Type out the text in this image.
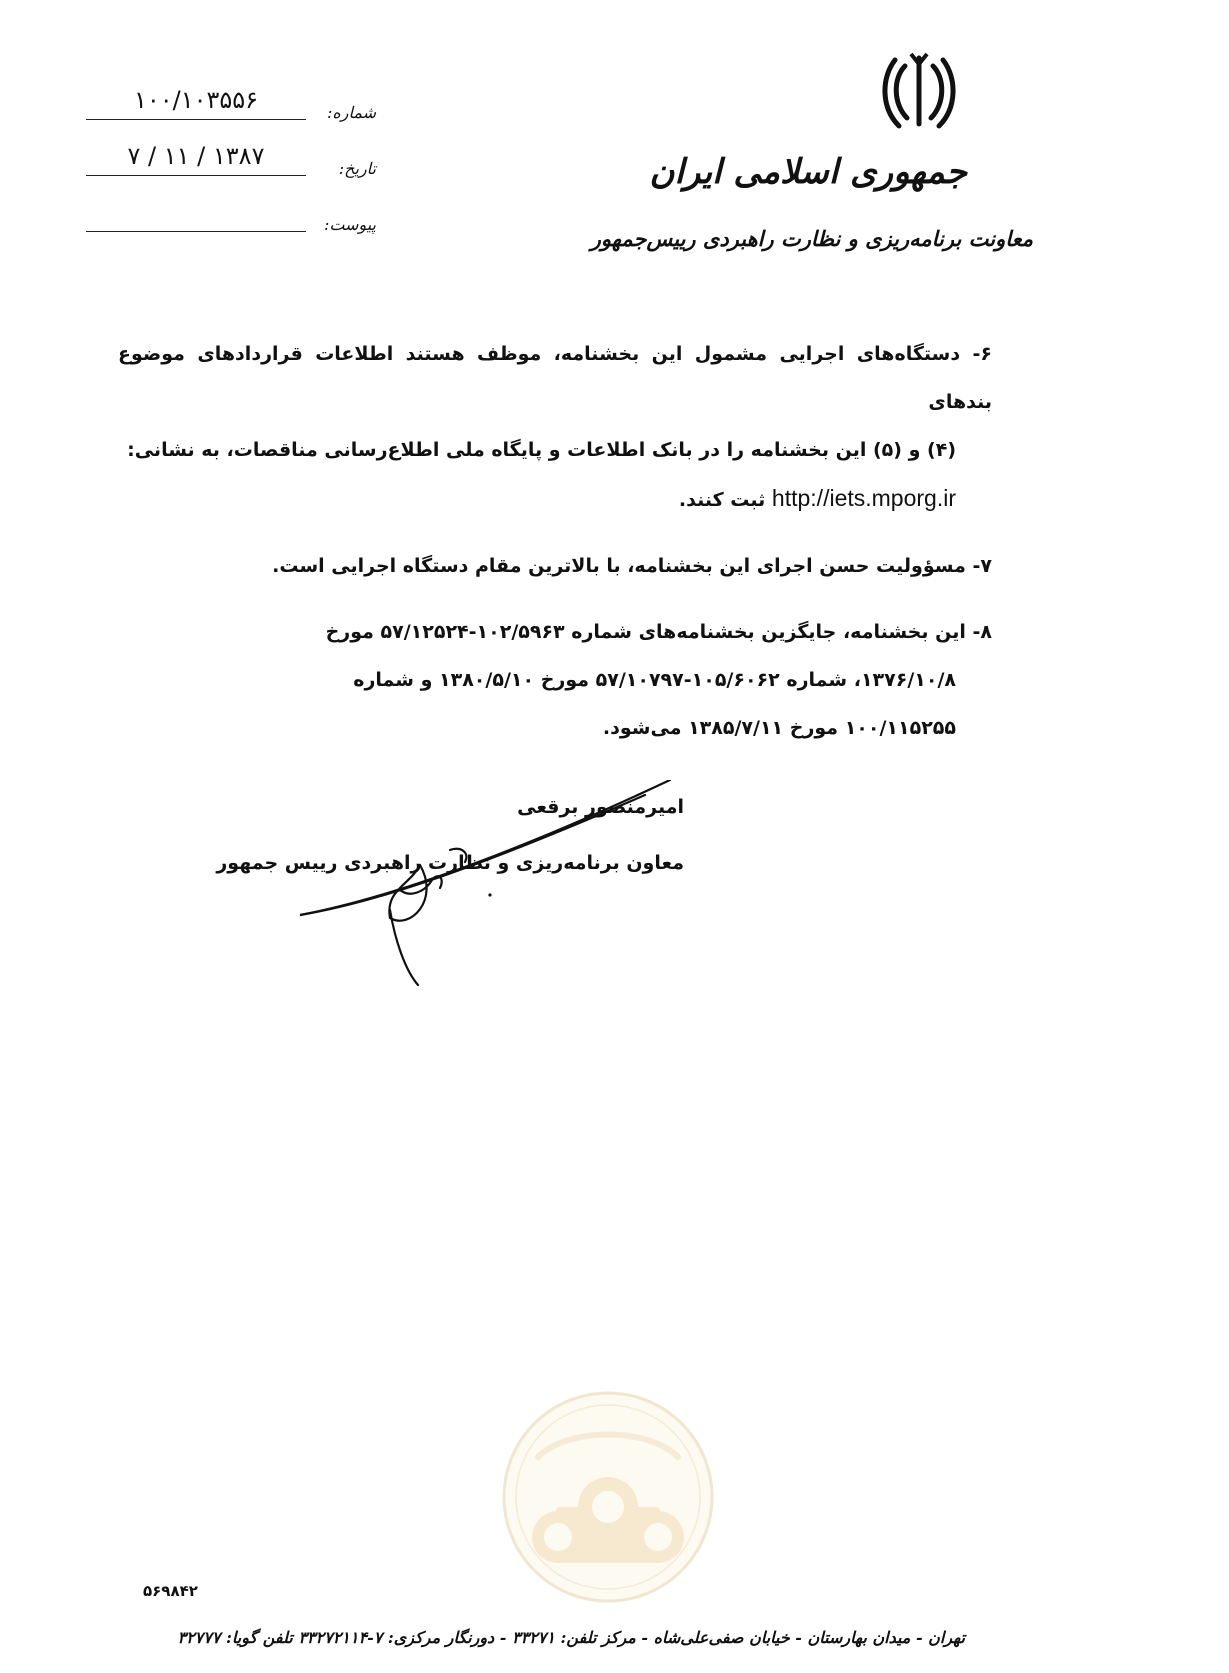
جمهوری اسلامی ایران
معاونت برنامه‌ریزی و نظارت راهبردی رییس‌جمهور
۱۰۰/۱۰۳۵۵۶	شماره:
۱۳۸۷ / ۱۱ / ۷	تاریخ:
پیوست:
۶- دستگاه‌های اجرایی مشمول این بخشنامه، موظف هستند اطلاعات قراردادهای موضوع بندهای
(۴) و (۵) این بخشنامه را در بانک اطلاعات و پایگاه ملی اطلاع‌رسانی مناقصات، به نشانی:
http://iets.mporg.ir ثبت کنند.
۷- مسؤولیت حسن اجرای این بخشنامه، با بالاترین مقام دستگاه اجرایی است.
۸- این بخشنامه، جایگزین بخشنامه‌های شماره ۱۰۲/۵۹۶۳-۵۷/۱۲۵۲۴ مورخ
۱۳۷۶/۱۰/۸، شماره ۱۰۵/۶۰۶۲-۵۷/۱۰۷۹۷ مورخ ۱۳۸۰/۵/۱۰ و شماره
۱۰۰/۱۱۵۲۵۵ مورخ ۱۳۸۵/۷/۱۱ می‌شود.
امیرمنصور برقعی
معاون برنامه‌ریزی و نظارت راهبردی رییس جمهور
۵۶۹۸۴۲
تهران - میدان بهارستان - خیابان صفی‌علی‌شاه - مرکز تلفن: ۳۳۲۷۱ - دورنگار مرکزی: ۷-۳۳۲۷۲۱۱۴ تلفن گویا: ۳۲۷۷۷
